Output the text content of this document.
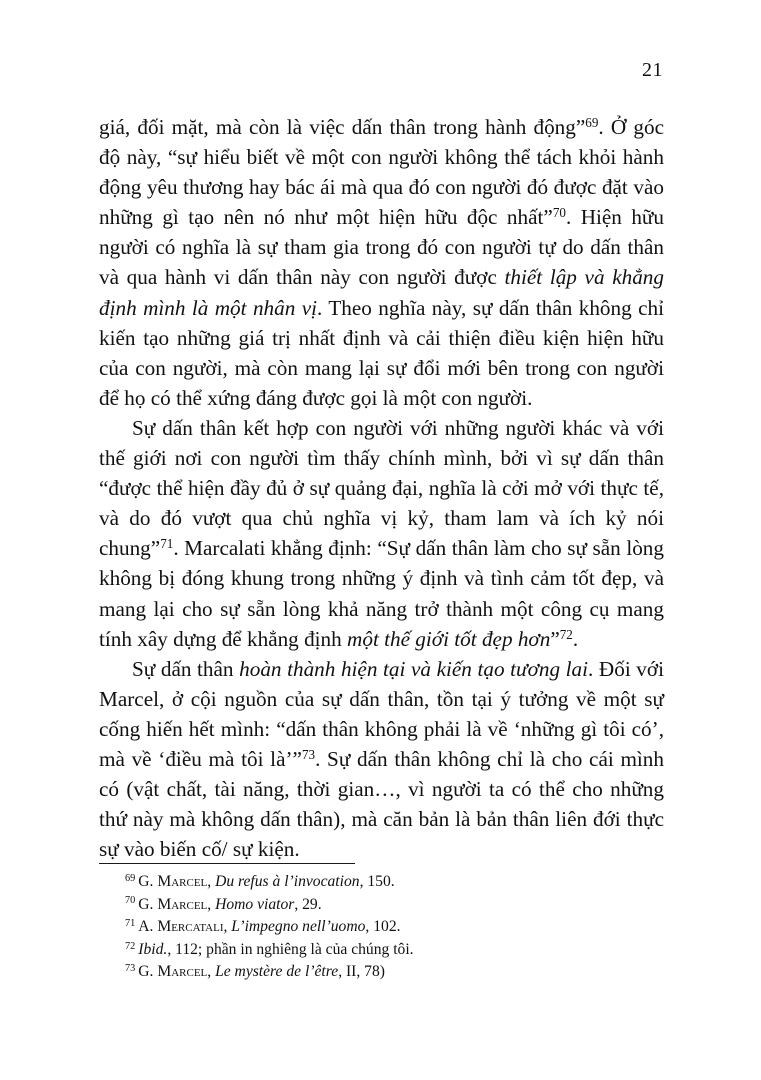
21

giá, đối mặt, mà còn là việc dấn thân trong hành động”$^{69}$. Ở góc độ này, “sự hiểu biết về một con người không thể tách khỏi hành động yêu thương hay bác ái mà qua đó con người đó được đặt vào những gì tạo nên nó như một hiện hữu độc nhất”$^{70}$. Hiện hữu người có nghĩa là sự tham gia trong đó con người tự do dấn thân và qua hành vi dấn thân này con người được thiết lập và khẳng định mình là một nhân vị. Theo nghĩa này, sự dấn thân không chỉ kiến tạo những giá trị nhất định và cải thiện điều kiện hiện hữu của con người, mà còn mang lại sự đổi mới bên trong con người để họ có thể xứng đáng được gọi là một con người.

Sự dấn thân kết hợp con người với những người khác và với thế giới nơi con người tìm thấy chính mình, bởi vì sự dấn thân “được thể hiện đầy đủ ở sự quảng đại, nghĩa là cởi mở với thực tế, và do đó vượt qua chủ nghĩa vị kỷ, tham lam và ích kỷ nói chung”$^{71}$. Marcalati khẳng định: “Sự dấn thân làm cho sự sẵn lòng không bị đóng khung trong những ý định và tình cảm tốt đẹp, và mang lại cho sự sẵn lòng khả năng trở thành một công cụ mang tính xây dựng để khẳng định một thế giới tốt đẹp hơn”$^{72}$.

Sự dấn thân hoàn thành hiện tại và kiến tạo tương lai. Đối với Marcel, ở cội nguồn của sự dấn thân, tồn tại ý tưởng về một sự cống hiến hết mình: “dấn thân không phải là về ‘những gì tôi có’, mà về ‘điều mà tôi là’”$^{73}$. Sự dấn thân không chỉ là cho cái mình có (vật chất, tài năng, thời gian…, vì người ta có thể cho những thứ này mà không dấn thân), mà căn bản là bản thân liên đới thực sự vào biến cố/ sự kiện.

$^{69}$ G. Marcel, Du refus à l’invocation, 150.

$^{70}$ G. Marcel, Homo viator, 29.

$^{71}$ A. Mercatali, L’impegno nell’uomo, 102.

$^{72}$ Ibid., 112; phần in nghiêng là của chúng tôi.

$^{73}$ G. Marcel, Le mystère de l’être, II, 78)
